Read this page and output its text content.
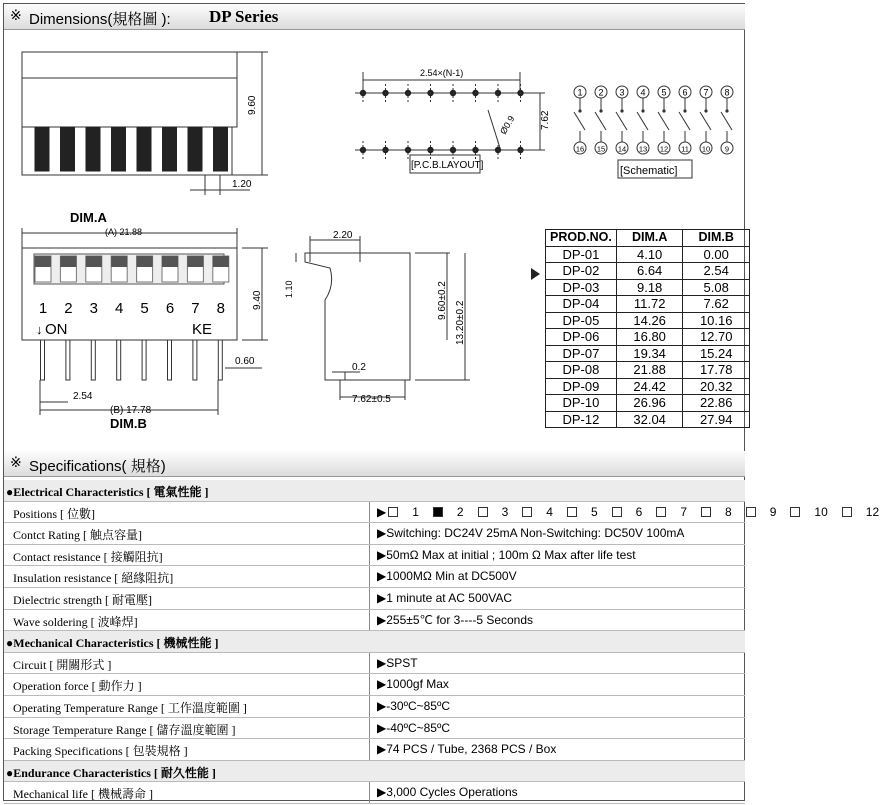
※ Dimensions(規格圖 ): DP Series
9.60
1.20
2.54×(N-1)
7.62
Ø0.9
[P.C.B.LAYOUT]
1
16
2
15
3
14
4
13
5
12
6
11
7
10
8
9
[Schematic]
DIM.A
(A) 21.88
1 2 3 4 5 6 7 8
↓ ON	KE
9.40
0.60
2.54
(B) 17.78
DIM.B
2.20
1.10	9.60±0.2
13.20±0.2
0.2
7.62±0.5
PROD.NO.	DIM.A	DIM.B
DP-01	4.10	0.00
DP-02	6.64	2.54
DP-03	9.18	5.08
DP-04	11.72	7.62
DP-05	14.26	10.16
DP-06	16.80	12.70
DP-07	19.34	15.24
DP-08	21.88	17.78
DP-09	24.42	20.32
DP-10	26.96	22.86
DP-12	32.04	27.94
※ Specifications( 規格)
●Electrical Characteristics [ 電氣性能 ]
Positions [ 位數]	▶ 1	2	3	4	5	6	7	8	9	10	12
Contct Rating [ 触点容量]	▶Switching: DC24V 25mA Non-Switching: DC50V 100mA
Contact resistance [ 接觸阻抗]	▶50mΩ Max at initial ; 100m Ω Max after life test
Insulation resistance [ 絕緣阻抗]	▶1000MΩ Min at DC500V
Dielectric strength [ 耐電壓]	▶1 minute at AC 500VAC
Wave soldering [ 波峰焊]	▶255±5℃ for 3----5 Seconds
●Mechanical Characteristics [ 機械性能 ]
Circuit [ 開關形式 ]	▶SPST
Operation force [ 動作力 ]	▶1000gf Max
Operating Temperature Range [ 工作溫度範圍 ]	▶-30ºC~85ºC
Storage Temperature Range [ 儲存溫度範圍 ]	▶-40ºC~85ºC
Packing Specifications [ 包裝規格 ]	▶74 PCS / Tube, 2368 PCS / Box
●Endurance Characteristics [ 耐久性能 ]
Mechanical life [ 機械壽命 ]	▶3,000 Cycles Operations
